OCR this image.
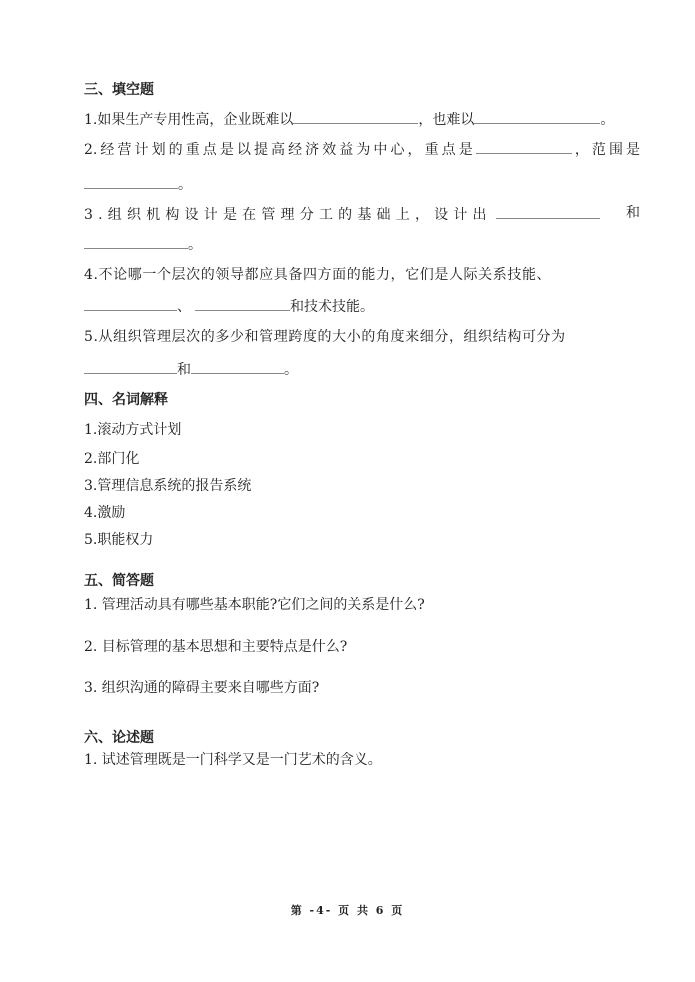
三、填空题
1.如果生产专用性高，企业既难以	，也难以	。
2.经营计划的重点是以提高经济效益为中心，重点是	，范围是
。
3.组织机构设计是在管理分工的基础上，设计出	和
。
4.不论哪一个层次的领导都应具备四方面的能力，它们是人际关系技能、
、	和技术技能。
5.从组织管理层次的多少和管理跨度的大小的角度来细分，组织结构可分为
和	。
四、名词解释
1.滚动方式计划
2.部门化
3.管理信息系统的报告系统
4.激励
5.职能权力
五、简答题
1. 管理活动具有哪些基本职能?它们之间的关系是什么?
2. 目标管理的基本思想和主要特点是什么?
3. 组织沟通的障碍主要来自哪些方面?
六、论述题
1. 试述管理既是一门科学又是一门艺术的含义。
第 -4- 页 共 6 页
